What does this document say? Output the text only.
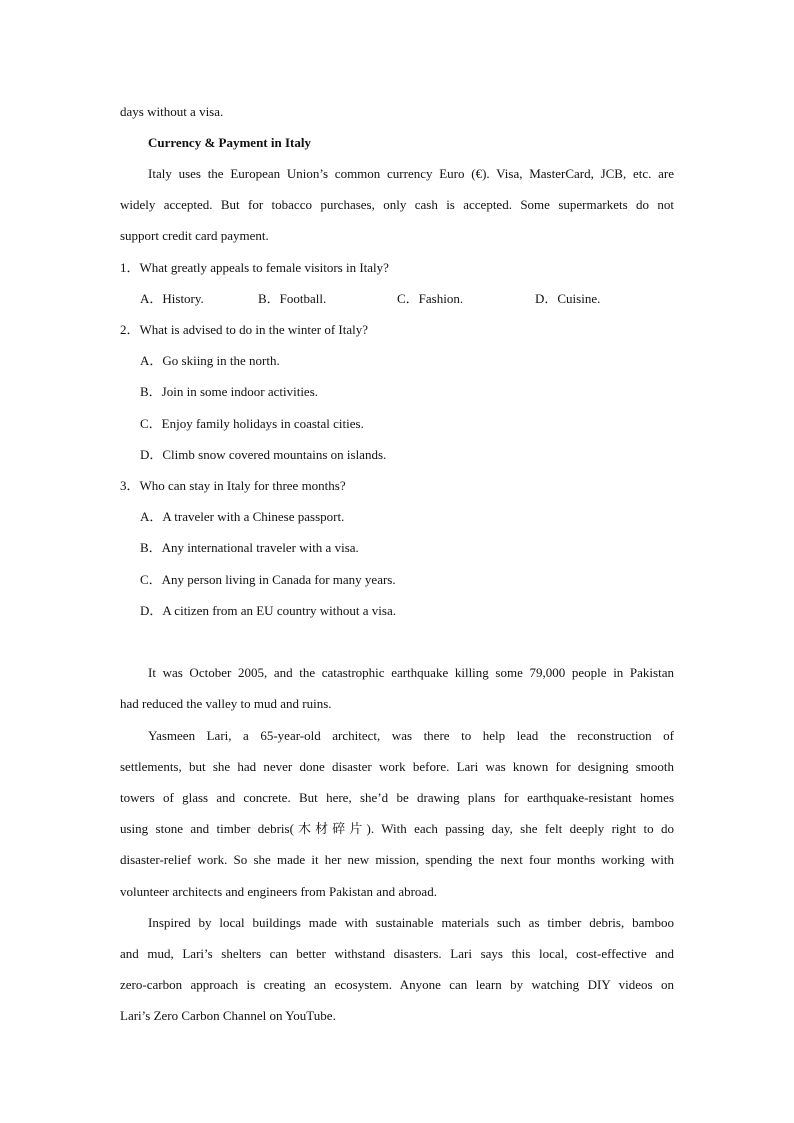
days without a visa.
Currency & Payment in Italy
Italy uses the European Union’s common currency Euro (€). Visa, MasterCard, JCB, etc. are
widely accepted. But for tobacco purchases, only cash is accepted. Some supermarkets do not
support credit card payment.
1．What greatly appeals to female visitors in Italy?
A．History.	B．Football.	C．Fashion.	D．Cuisine.
2．What is advised to do in the winter of Italy?
A．Go skiing in the north.
B．Join in some indoor activities.
C．Enjoy family holidays in coastal cities.
D．Climb snow covered mountains on islands.
3．Who can stay in Italy for three months?
A．A traveler with a Chinese passport.
B．Any international traveler with a visa.
C．Any person living in Canada for many years.
D．A citizen from an EU country without a visa.
It was October 2005, and the catastrophic earthquake killing some 79,000 people in Pakistan
had reduced the valley to mud and ruins.
Yasmeen Lari, a 65-year-old architect, was there to help lead the reconstruction of
settlements, but she had never done disaster work before. Lari was known for designing smooth
towers of glass and concrete. But here, she’d be drawing plans for earthquake-resistant homes
using stone and timber debris(木材碎片). With each passing day, she felt deeply right to do
disaster-relief work. So she made it her new mission, spending the next four months working with
volunteer architects and engineers from Pakistan and abroad.
Inspired by local buildings made with sustainable materials such as timber debris, bamboo
and mud, Lari’s shelters can better withstand disasters. Lari says this local, cost-effective and
zero-carbon approach is creating an ecosystem. Anyone can learn by watching DIY videos on
Lari’s Zero Carbon Channel on YouTube.
